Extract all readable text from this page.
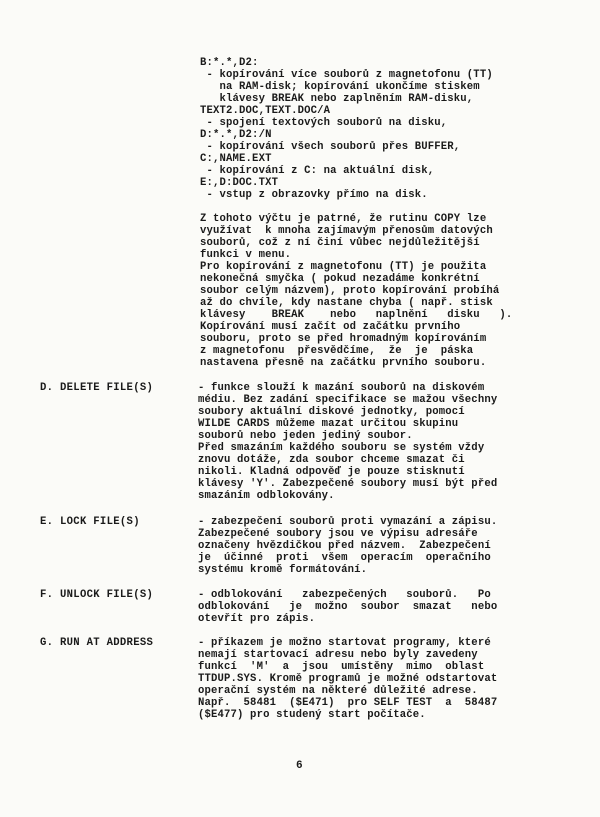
B:*.*,D2:
- kopírování více souborů z magnetofonu (TT)
na RAM-disk; kopírování ukončíme stiskem
klávesy BREAK nebo zaplněním RAM-disku,
TEXT2.DOC,TEXT.DOC/A
- spojení textových souborů na disku,
D:*.*,D2:/N
- kopírování všech souborů přes BUFFER,
C:,NAME.EXT
- kopírování z C: na aktuální disk,
E:,D:DOC.TXT
- vstup z obrazovky přímo na disk.
Z tohoto výčtu je patrné, že rutinu COPY lze
využívat  k mnoha zajímavým přenosům datových
souborů, což z ní činí vůbec nejdůležitější
funkci v menu.
Pro kopírování z magnetofonu (TT) je použita
nekonečná smyčka ( pokud nezadáme konkrétní
soubor celým názvem), proto kopírování probíhá
až do chvíle, kdy nastane chyba ( např. stisk
klávesy    BREAK    nebo   naplnění   disku   ).
Kopírování musí začít od začátku prvního
souboru, proto se před hromadným kopírováním
z magnetofonu  přesvědčíme,  že  je  páska
nastavena přesně na začátku prvního souboru.
D. DELETE FILE(S)	- funkce slouží k mazání souborů na diskovém
médiu. Bez zadání specifikace se mažou všechny
soubory aktuální diskové jednotky, pomocí
WILDE CARDS můžeme mazat určitou skupinu
souborů nebo jeden jediný soubor.
Před smazáním každého souboru se systém vždy
znovu dotáže, zda soubor chceme smazat či
nikoli. Kladná odpověď je pouze stisknutí
klávesy 'Y'. Zabezpečené soubory musí být před
smazáním odblokovány.
E. LOCK FILE(S)	- zabezpečení souborů proti vymazání a zápisu.
Zabezpečené soubory jsou ve výpisu adresáře
označeny hvězdičkou před názvem.  Zabezpečení
je  účinné  proti  všem  operacím  operačního
systému kromě formátování.
F. UNLOCK FILE(S)	- odblokování   zabezpečených   souborů.   Po
odblokování   je  možno  soubor  smazat   nebo
otevřít pro zápis.
G. RUN AT ADDRESS	- příkazem je možno startovat programy, které
nemají startovací adresu nebo byly zavedeny
funkcí  'M'  a  jsou  umístěny  mimo  oblast
TTDUP.SYS. Kromě programů je možné odstartovat
operační systém na některé důležité adrese.
Např.  58481  ($E471)  pro SELF TEST  a  58487
($E477) pro studený start počítače.
6
